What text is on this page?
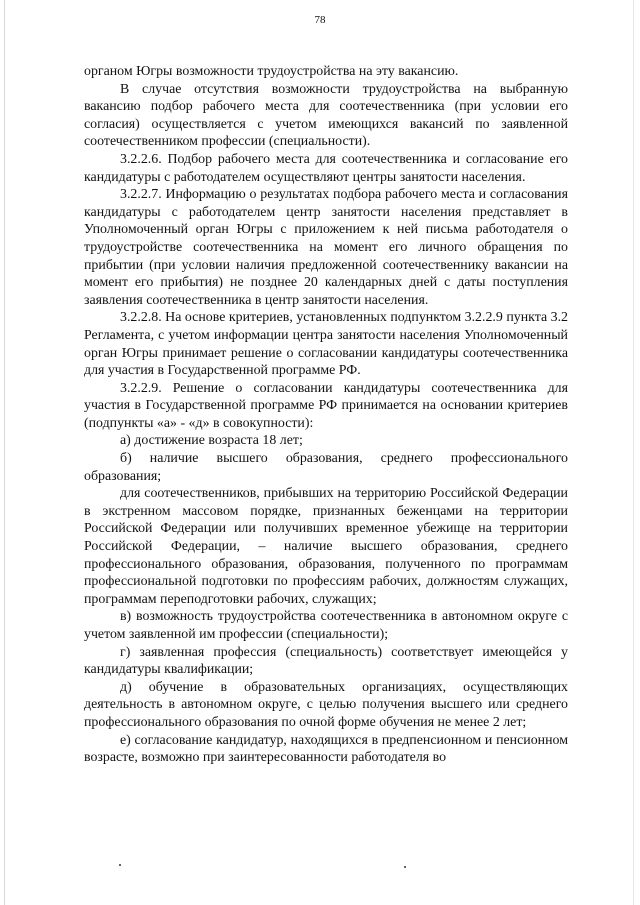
78

органом Югры возможности трудоустройства на эту вакансию.

В случае отсутствия возможности трудоустройства на выбранную вакансию подбор рабочего места для соотечественника (при условии его согласия) осуществляется с учетом имеющихся вакансий по заявленной соотечественником профессии (специальности).

3.2.2.6. Подбор рабочего места для соотечественника и согласование его кандидатуры с работодателем осуществляют центры занятости населения.

3.2.2.7. Информацию о результатах подбора рабочего места и согласования кандидатуры с работодателем центр занятости населения представляет в Уполномоченный орган Югры с приложением к ней письма работодателя о трудоустройстве соотечественника на момент его личного обращения по прибытии (при условии наличия предложенной соотечественнику вакансии на момент его прибытия) не позднее 20 календарных дней с даты поступления заявления соотечественника в центр занятости населения.

3.2.2.8. На основе критериев, установленных подпунктом 3.2.2.9 пункта 3.2 Регламента, с учетом информации центра занятости населения Уполномоченный орган Югры принимает решение о согласовании кандидатуры соотечественника для участия в Государственной программе РФ.

3.2.2.9. Решение о согласовании кандидатуры соотечественника для участия в Государственной программе РФ принимается на основании критериев (подпункты «а» - «д» в совокупности):

а) достижение возраста 18 лет;

б) наличие высшего образования, среднего профессионального образования;

для соотечественников, прибывших на территорию Российской Федерации в экстренном массовом порядке, признанных беженцами на территории Российской Федерации или получивших временное убежище на территории Российской Федерации, – наличие высшего образования, среднего профессионального образования, образования, полученного по программам профессиональной подготовки по профессиям рабочих, должностям служащих, программам переподготовки рабочих, служащих;

в) возможность трудоустройства соотечественника в автономном округе с учетом заявленной им профессии (специальности);

г) заявленная профессия (специальность) соответствует имеющейся у кандидатуры квалификации;

д) обучение в образовательных организациях, осуществляющих деятельность в автономном округе, с целью получения высшего или среднего профессионального образования по очной форме обучения не менее 2 лет;

е) согласование кандидатур, находящихся в предпенсионном и пенсионном возрасте, возможно при заинтересованности работодателя во
